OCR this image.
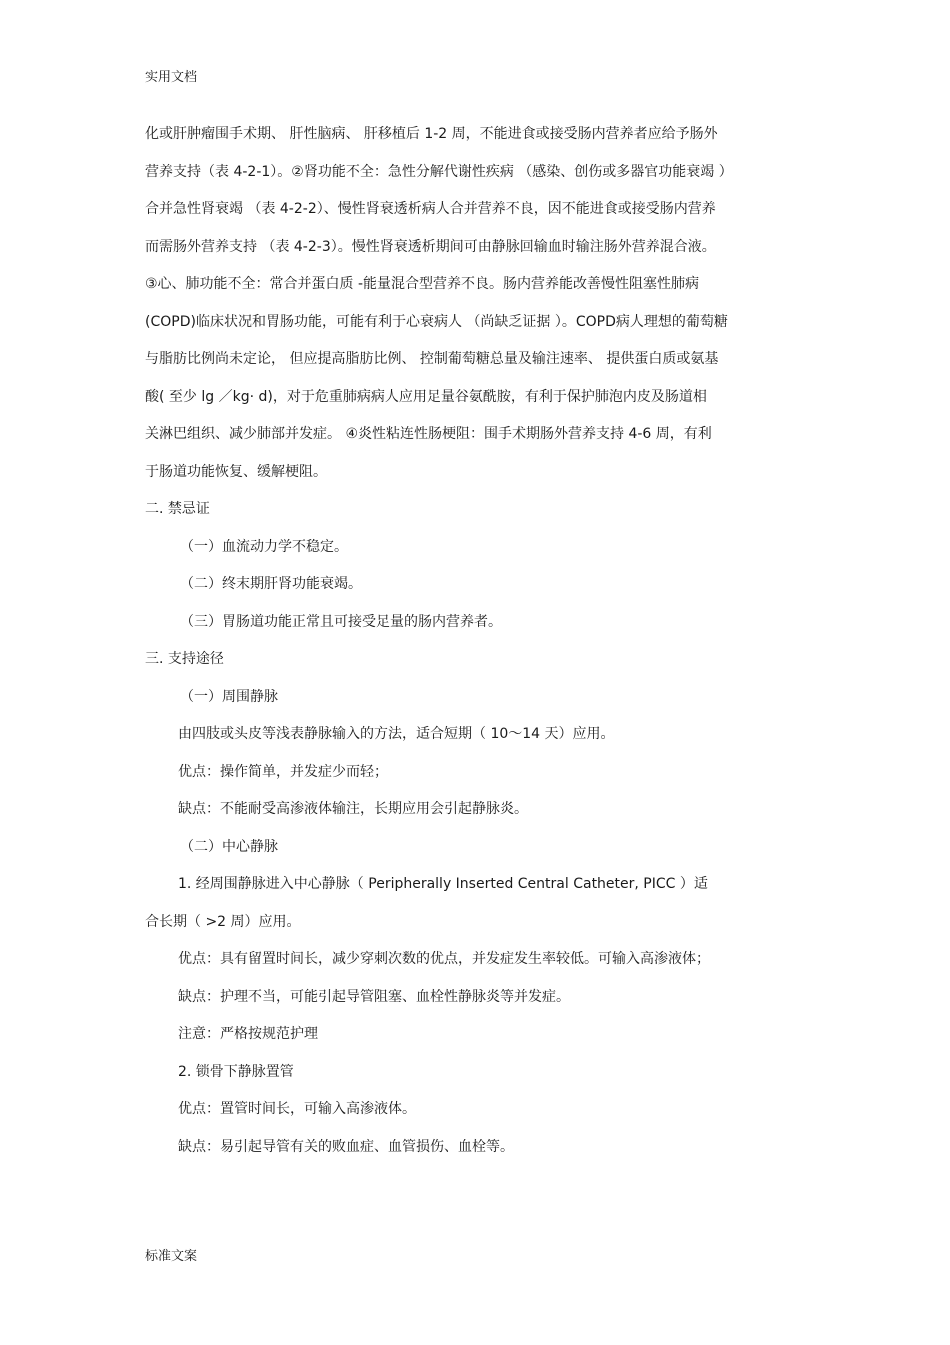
实用文档
化或肝肿瘤围手术期、 肝性脑病、 肝移植后 1-2 周，不能进食或接受肠内营养者应给予肠外
营养支持（表 4-2-1）。②肾功能不全：急性分解代谢性疾病 （感染、创伤或多器官功能衰竭 ）
合并急性肾衰竭 （表 4-2-2）、慢性肾衰透析病人合并营养不良，因不能进食或接受肠内营养
而需肠外营养支持 （表 4-2-3）。慢性肾衰透析期间可由静脉回输血时输注肠外营养混合液。
③心、肺功能不全：常合并蛋白质 -能量混合型营养不良。肠内营养能改善慢性阻塞性肺病
(COPD)临床状况和胃肠功能，可能有利于心衰病人 （尚缺乏证据 ）。COPD病人理想的葡萄糖
与脂肪比例尚未定论， 但应提高脂肪比例、 控制葡萄糖总量及输注速率、 提供蛋白质或氨基
酸( 至少 lg ／kg· d)，对于危重肺病病人应用足量谷氨酰胺，有利于保护肺泡内皮及肠道相
关淋巴组织、减少肺部并发症。 ④炎性粘连性肠梗阻：围手术期肠外营养支持 4-6 周，有利
于肠道功能恢复、缓解梗阻。
二. 禁忌证
（一）血流动力学不稳定。
（二）终末期肝肾功能衰竭。
（三）胃肠道功能正常且可接受足量的肠内营养者。
三. 支持途径
（一）周围静脉
由四肢或头皮等浅表静脉输入的方法，适合短期（ 10～14 天）应用。
优点：操作简单，并发症少而轻；
缺点：不能耐受高渗液体输注，长期应用会引起静脉炎。
（二）中心静脉
1. 经周围静脉进入中心静脉（ Peripherally Inserted Central Catheter, PICC ）适
合长期（ >2 周）应用。
优点：具有留置时间长，减少穿刺次数的优点，并发症发生率较低。可输入高渗液体；
缺点：护理不当，可能引起导管阻塞、血栓性静脉炎等并发症。
注意：严格按规范护理
2. 锁骨下静脉置管
优点：置管时间长，可输入高渗液体。
缺点：易引起导管有关的败血症、血管损伤、血栓等。
标准文案
